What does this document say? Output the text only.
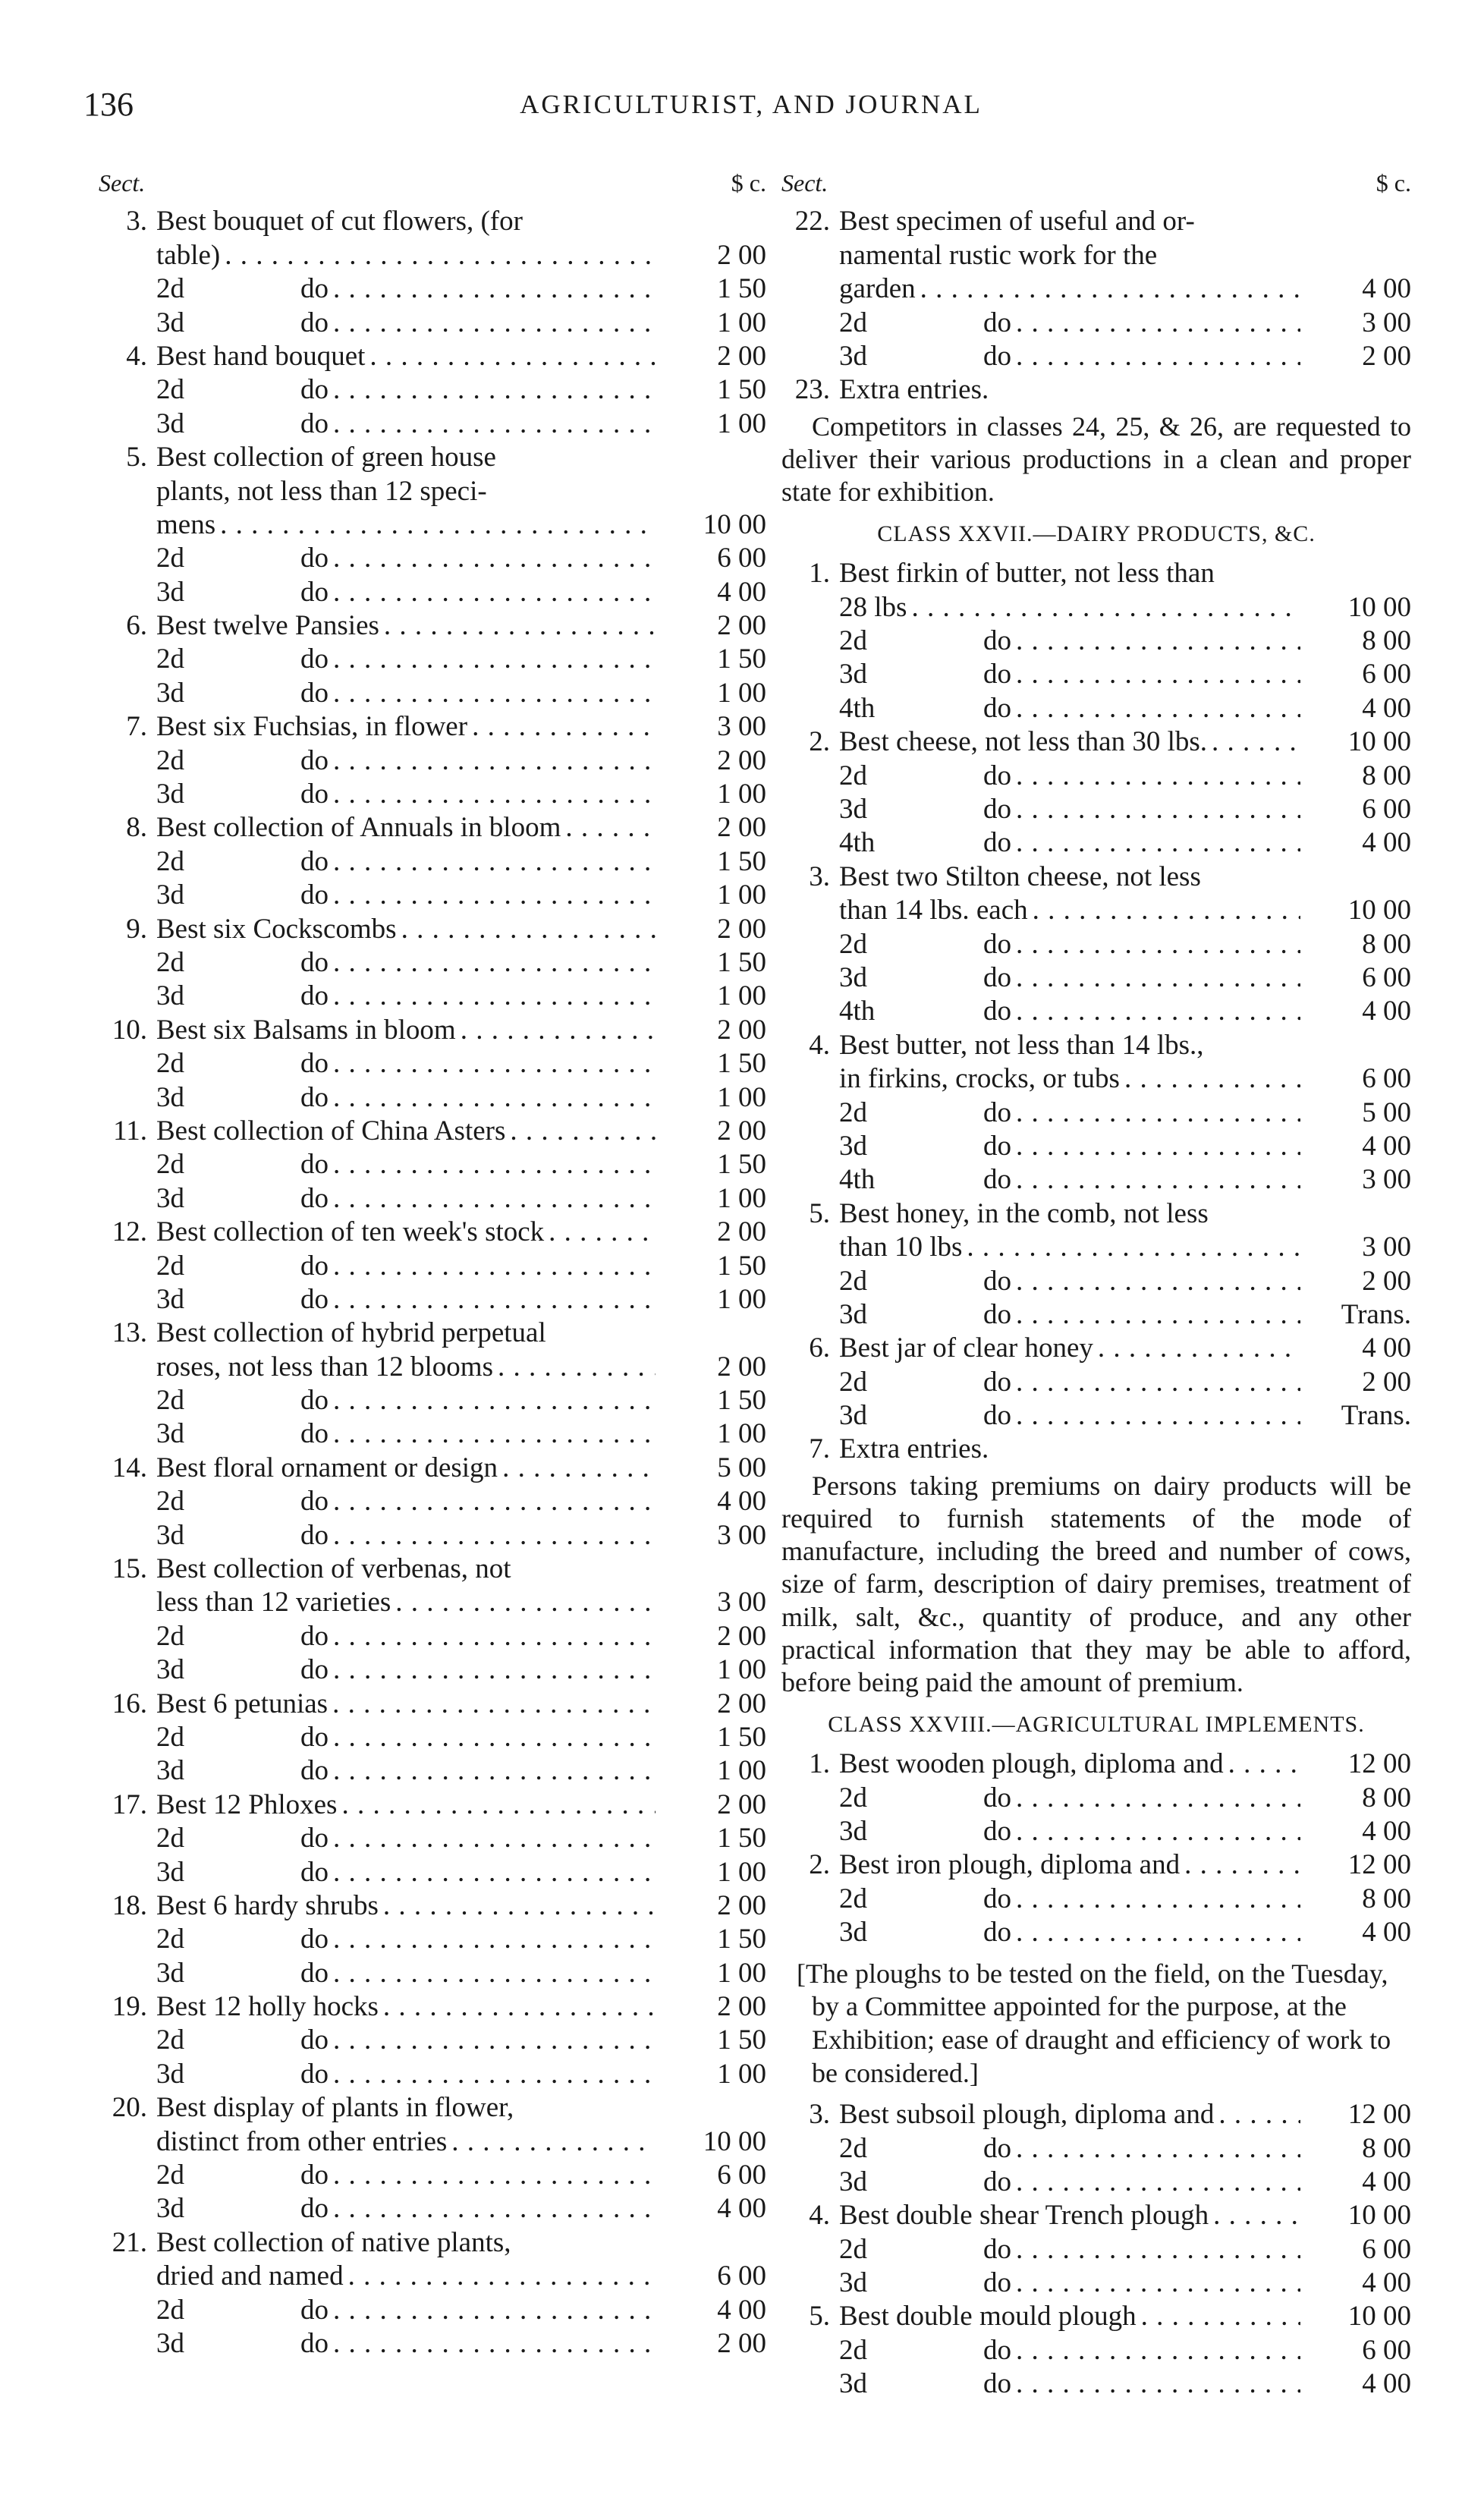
136	AGRICULTURIST, AND JOURNAL
Sect.	$ c.
3. Best bouquet of cut flowers, (for
table) . . .	2 00
2d	do . . .	1 50
3d	do . . .	1 00
4. Best hand bouquet . . .	2 00
2d	do . . .	1 50
3d	do . . .	1 00
5. Best collection of green house
plants, not less than 12 speci-
mens . . .	10 00
2d	do . . .	6 00
3d	do . . .	4 00
6. Best twelve Pansies . . .	2 00
2d	do . . .	1 50
3d	do . . .	1 00
7. Best six Fuchsias, in flower . . .	3 00
2d	do . . .	2 00
3d	do . . .	1 00
8. Best collection of Annuals in bloom . . .	2 00
2d	do . . .	1 50
3d	do . . .	1 00
9. Best six Cockscombs . . .	2 00
2d	do . . .	1 50
3d	do . . .	1 00
10. Best six Balsams in bloom . . .	2 00
2d	do . . .	1 50
3d	do . . .	1 00
11. Best collection of China Asters . . .	2 00
2d	do . . .	1 50
3d	do . . .	1 00
12. Best collection of ten week's stock . . .	2 00
2d	do . . .	1 50
3d	do . . .	1 00
13. Best collection of hybrid perpetual
roses, not less than 12 blooms . . .	2 00
2d	do . . .	1 50
3d	do . . .	1 00
14. Best floral ornament or design . . .	5 00
2d	do . . .	4 00
3d	do . . .	3 00
15. Best collection of verbenas, not
less than 12 varieties . . .	3 00
2d	do . . .	2 00
3d	do . . .	1 00
16. Best 6 petunias . . .	2 00
2d	do . . .	1 50
3d	do . . .	1 00
17. Best 12 Phloxes . . .	2 00
2d	do . . .	1 50
3d	do . . .	1 00
18. Best 6 hardy shrubs . . .	2 00
2d	do . . .	1 50
3d	do . . .	1 00
19. Best 12 holly hocks . . .	2 00
2d	do . . .	1 50
3d	do . . .	1 00
20. Best display of plants in flower,
distinct from other entries . . .	10 00
2d	do . . .	6 00
3d	do . . .	4 00
21. Best collection of native plants,
dried and named . . .	6 00
2d	do . . .	4 00
3d	do . . .	2 00
Sect.	$ c.
22. Best specimen of useful and or-
namental rustic work for the
garden . . .	4 00
2d	do . . .	3 00
3d	do . . .	2 00
23. Extra entries.
Competitors in classes 24, 25, & 26, are requested to deliver their various productions in a clean and proper state for exhibition.
CLASS XXVII.—DAIRY PRODUCTS, &C.
1. Best firkin of butter, not less than
28 lbs . . .	10 00
2d	do . . .	8 00
3d	do . . .	6 00
4th	do . . .	4 00
2. Best cheese, not less than 30 lbs. . . .	10 00
2d	do . . .	8 00
3d	do . . .	6 00
4th	do . . .	4 00
3. Best two Stilton cheese, not less
than 14 lbs. each . . .	10 00
2d	do . . .	8 00
3d	do . . .	6 00
4th	do . . .	4 00
4. Best butter, not less than 14 lbs.,
in firkins, crocks, or tubs . . .	6 00
2d	do . . .	5 00
3d	do . . .	4 00
4th	do . . .	3 00
5. Best honey, in the comb, not less
than 10 lbs . . .	3 00
2d	do . . .	2 00
3d	do . . .	Trans.
6. Best jar of clear honey . . .	4 00
2d	do . . .	2 00
3d	do . . .	Trans.
7. Extra entries.
Persons taking premiums on dairy products will be required to furnish statements of the mode of manufacture, including the breed and number of cows, size of farm, description of dairy premises, treatment of milk, salt, &c., quantity of produce, and any other practical information that they may be able to afford, before being paid the amount of premium.
CLASS XXVIII.—AGRICULTURAL IMPLEMENTS.
1. Best wooden plough, diploma and . . .	12 00
2d	do . . .	8 00
3d	do . . .	4 00
2. Best iron plough, diploma and . . .	12 00
2d	do . . .	8 00
3d	do . . .	4 00
[The ploughs to be tested on the field, on the Tuesday, by a Committee appointed for the purpose, at the Exhibition; ease of draught and efficiency of work to be considered.]
3. Best subsoil plough, diploma and . . .	12 00
2d	do . . .	8 00
3d	do . . .	4 00
4. Best double shear Trench plough . . .	10 00
2d	do . . .	6 00
3d	do . . .	4 00
5. Best double mould plough . . .	10 00
2d	do . . .	6 00
3d	do . . .	4 00
